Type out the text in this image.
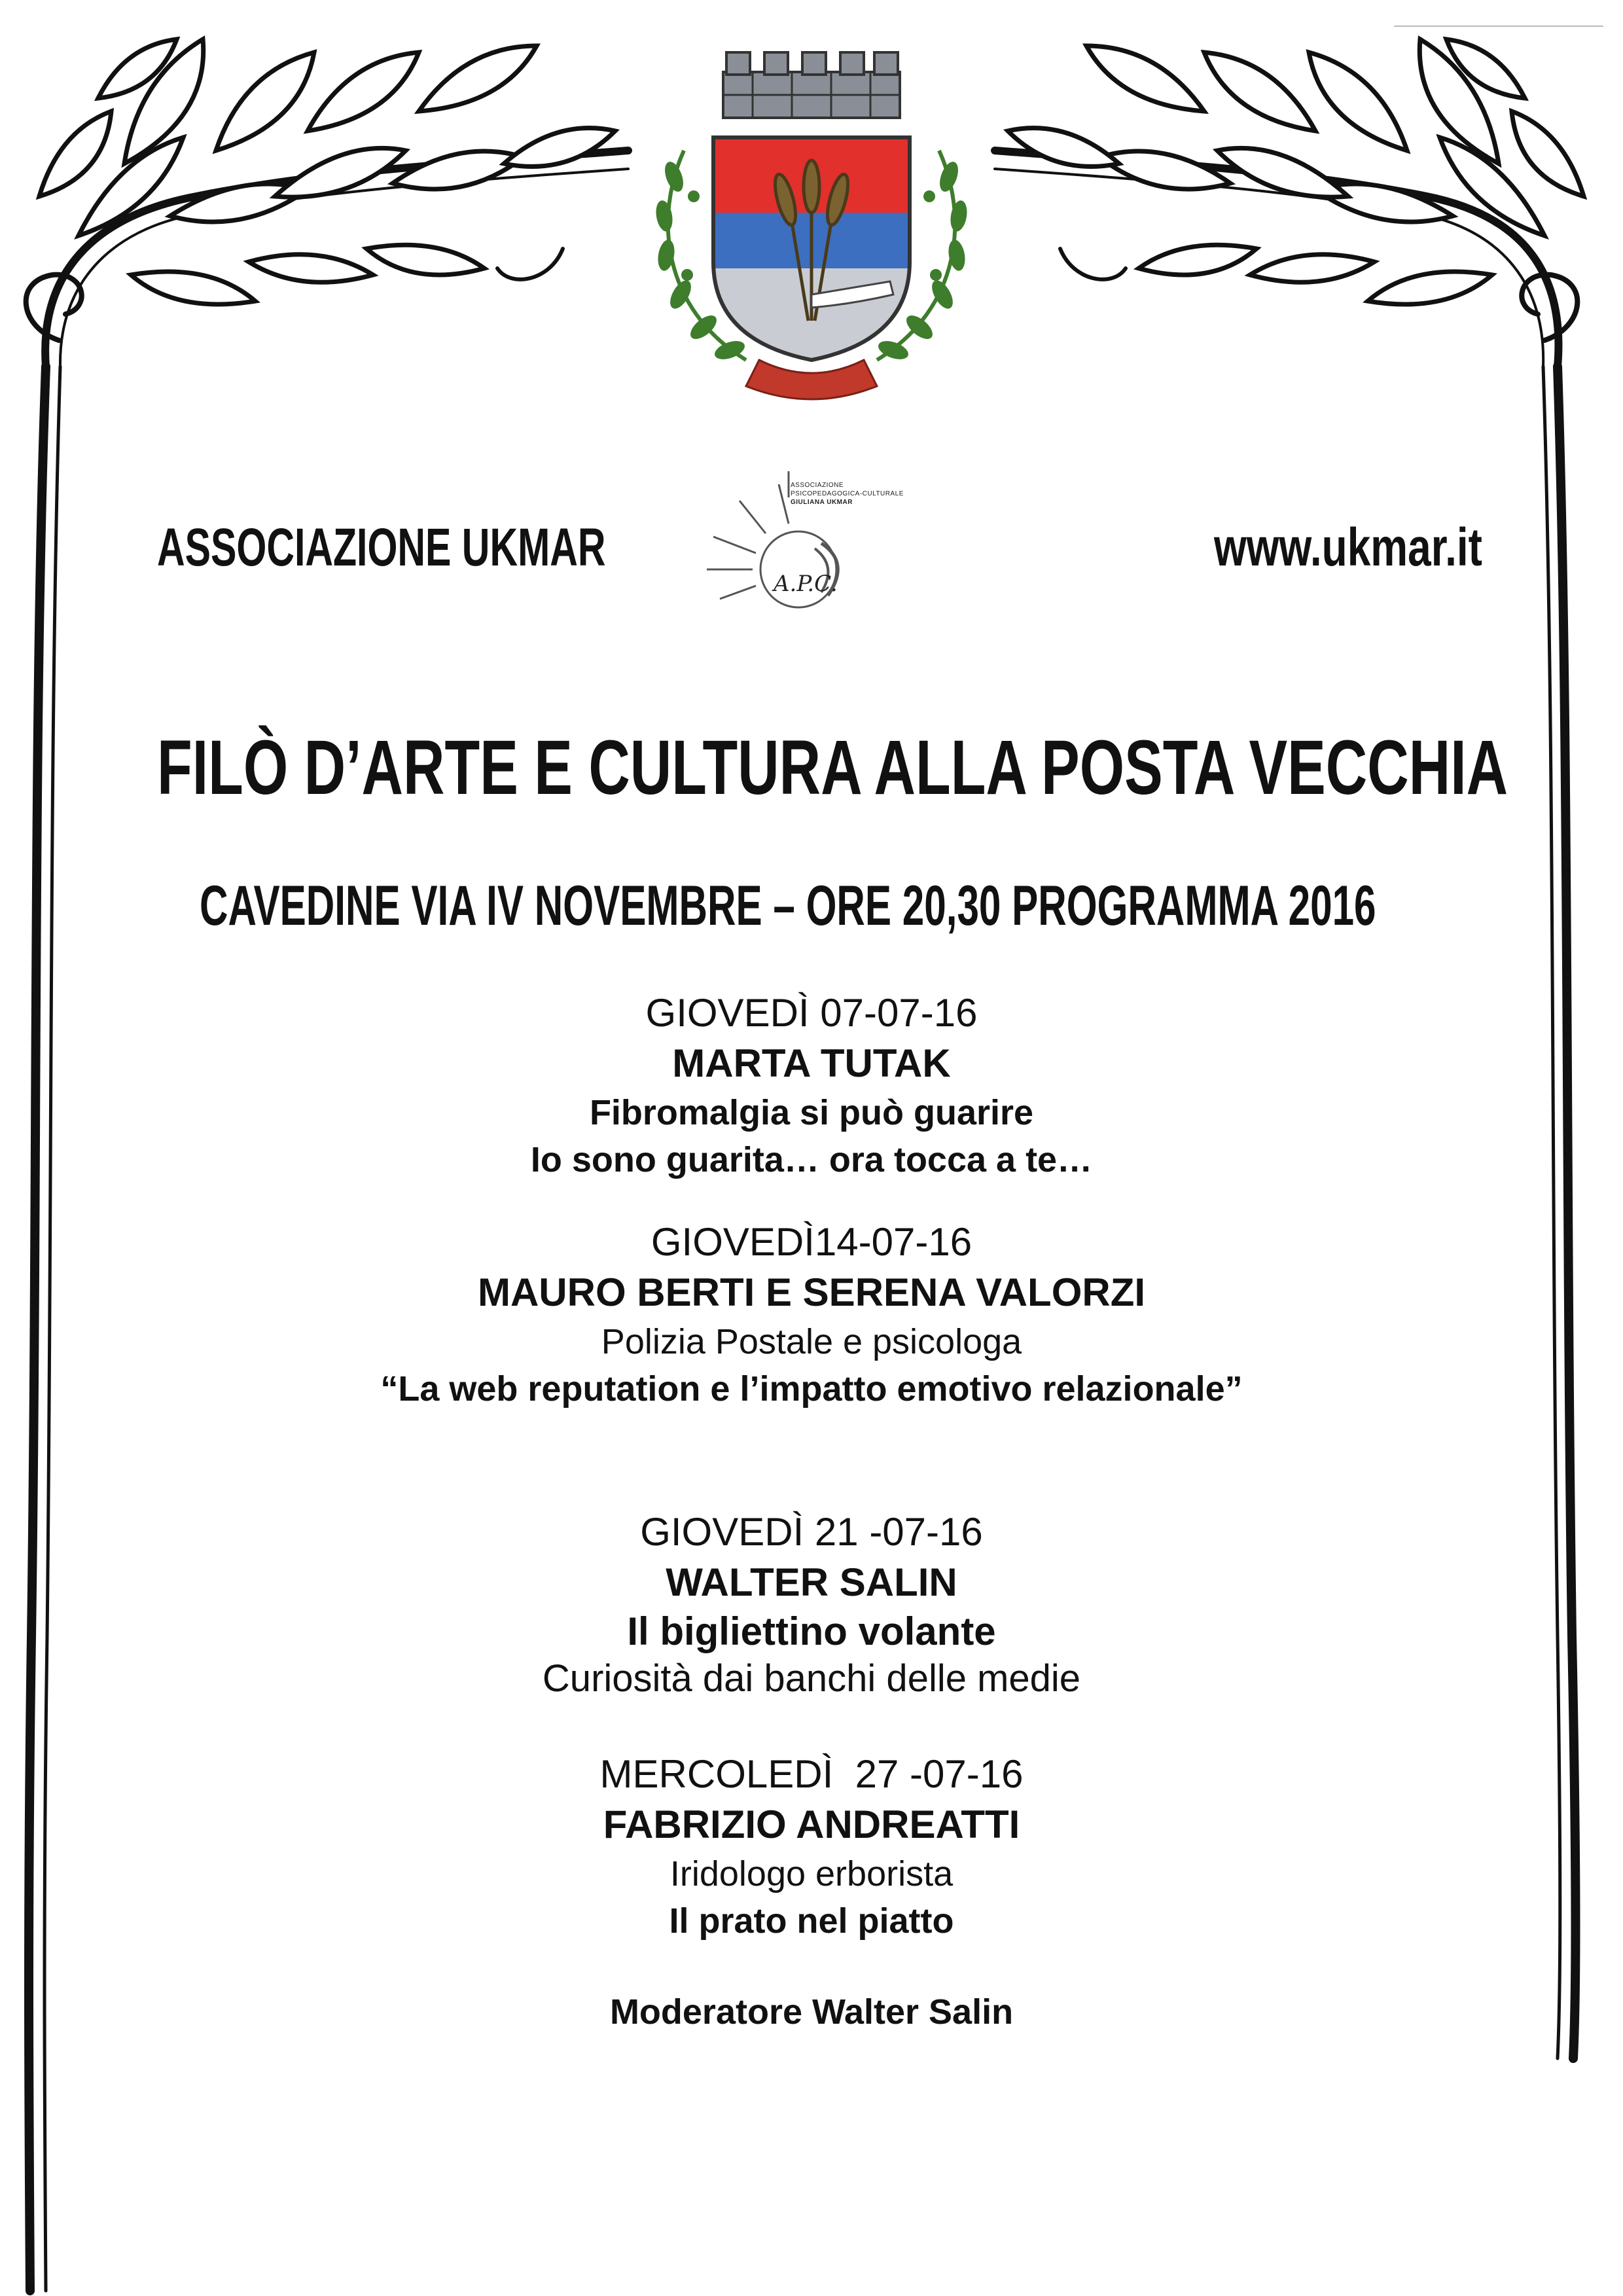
ASSOCIAZIONE
PSICOPEDAGOGICA-CULTURALE
GIULIANA UKMAR
A.P.C.
ASSOCIAZIONE UKMAR	www.ukmar.it
FILÒ D’ARTE E CULTURA ALLA POSTA VECCHIA
CAVEDINE VIA IV NOVEMBRE – ORE 20,30 PROGRAMMA 2016
GIOVEDÌ 07-07-16
MARTA TUTAK
Fibromalgia si può guarire
Io sono guarita… ora tocca a te…
GIOVEDÌ14-07-16
MAURO BERTI E SERENA VALORZI
Polizia Postale e psicologa
“La web reputation e l’impatto emotivo relazionale”
GIOVEDÌ 21 -07-16
WALTER SALIN
Il bigliettino volante
Curiosità dai banchi delle medie
MERCOLEDÌ  27 -07-16
FABRIZIO ANDREATTI
Iridologo erborista
Il prato nel piatto
Moderatore Walter Salin
